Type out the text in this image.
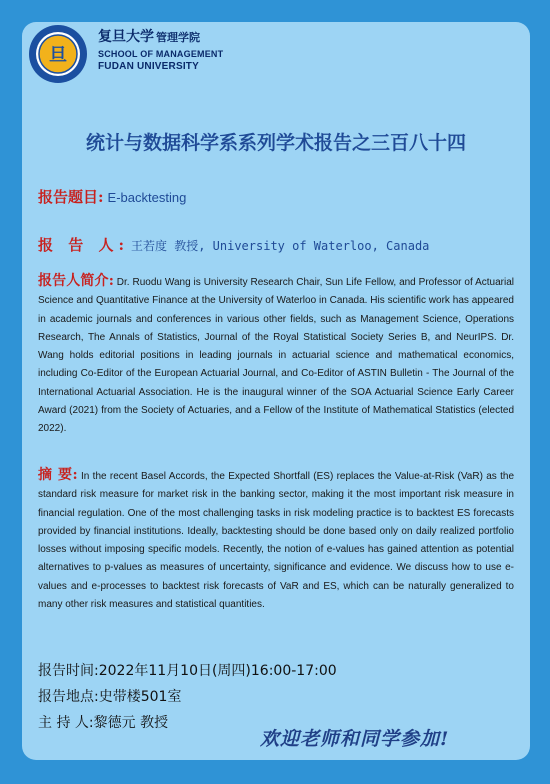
旦
复旦大学 管理学院
SCHOOL OF MANAGEMENT
FUDAN UNIVERSITY
统计与数据科学系系列学术报告之三百八十四
报告题目: E-backtesting
报 告 人: 王若度 教授, University of Waterloo, Canada
报告人简介: Dr. Ruodu Wang is University Research Chair, Sun Life Fellow, and Professor of Actuarial Science and Quantitative Finance at the University of Waterloo in Canada. His scientific work has appeared in academic journals and conferences in various other fields, such as Management Science, Operations Research, The Annals of Statistics, Journal of the Royal Statistical Society Series B, and NeurIPS. Dr. Wang holds editorial positions in leading journals in actuarial science and mathematical economics, including Co-Editor of the European Actuarial Journal, and Co-Editor of ASTIN Bulletin - The Journal of the International Actuarial Association. He is the inaugural winner of the SOA Actuarial Science Early Career Award (2021) from the Society of Actuaries, and a Fellow of the Institute of Mathematical Statistics (elected 2022).
摘 要: In the recent Basel Accords, the Expected Shortfall (ES) replaces the Value-at-Risk (VaR) as the standard risk measure for market risk in the banking sector, making it the most important risk measure in financial regulation. One of the most challenging tasks in risk modeling practice is to backtest ES forecasts provided by financial institutions. Ideally, backtesting should be done based only on daily realized portfolio losses without imposing specific models. Recently, the notion of e-values has gained attention as potential alternatives to p-values as measures of uncertainty, significance and evidence. We discuss how to use e-values and e-processes to backtest risk forecasts of VaR and ES, which can be naturally generalized to many other risk measures and statistical quantities.
报告时间:2022年11月10日(周四)16:00-17:00
报告地点:史带楼501室
主 持 人:黎德元 教授
欢迎老师和同学参加!
